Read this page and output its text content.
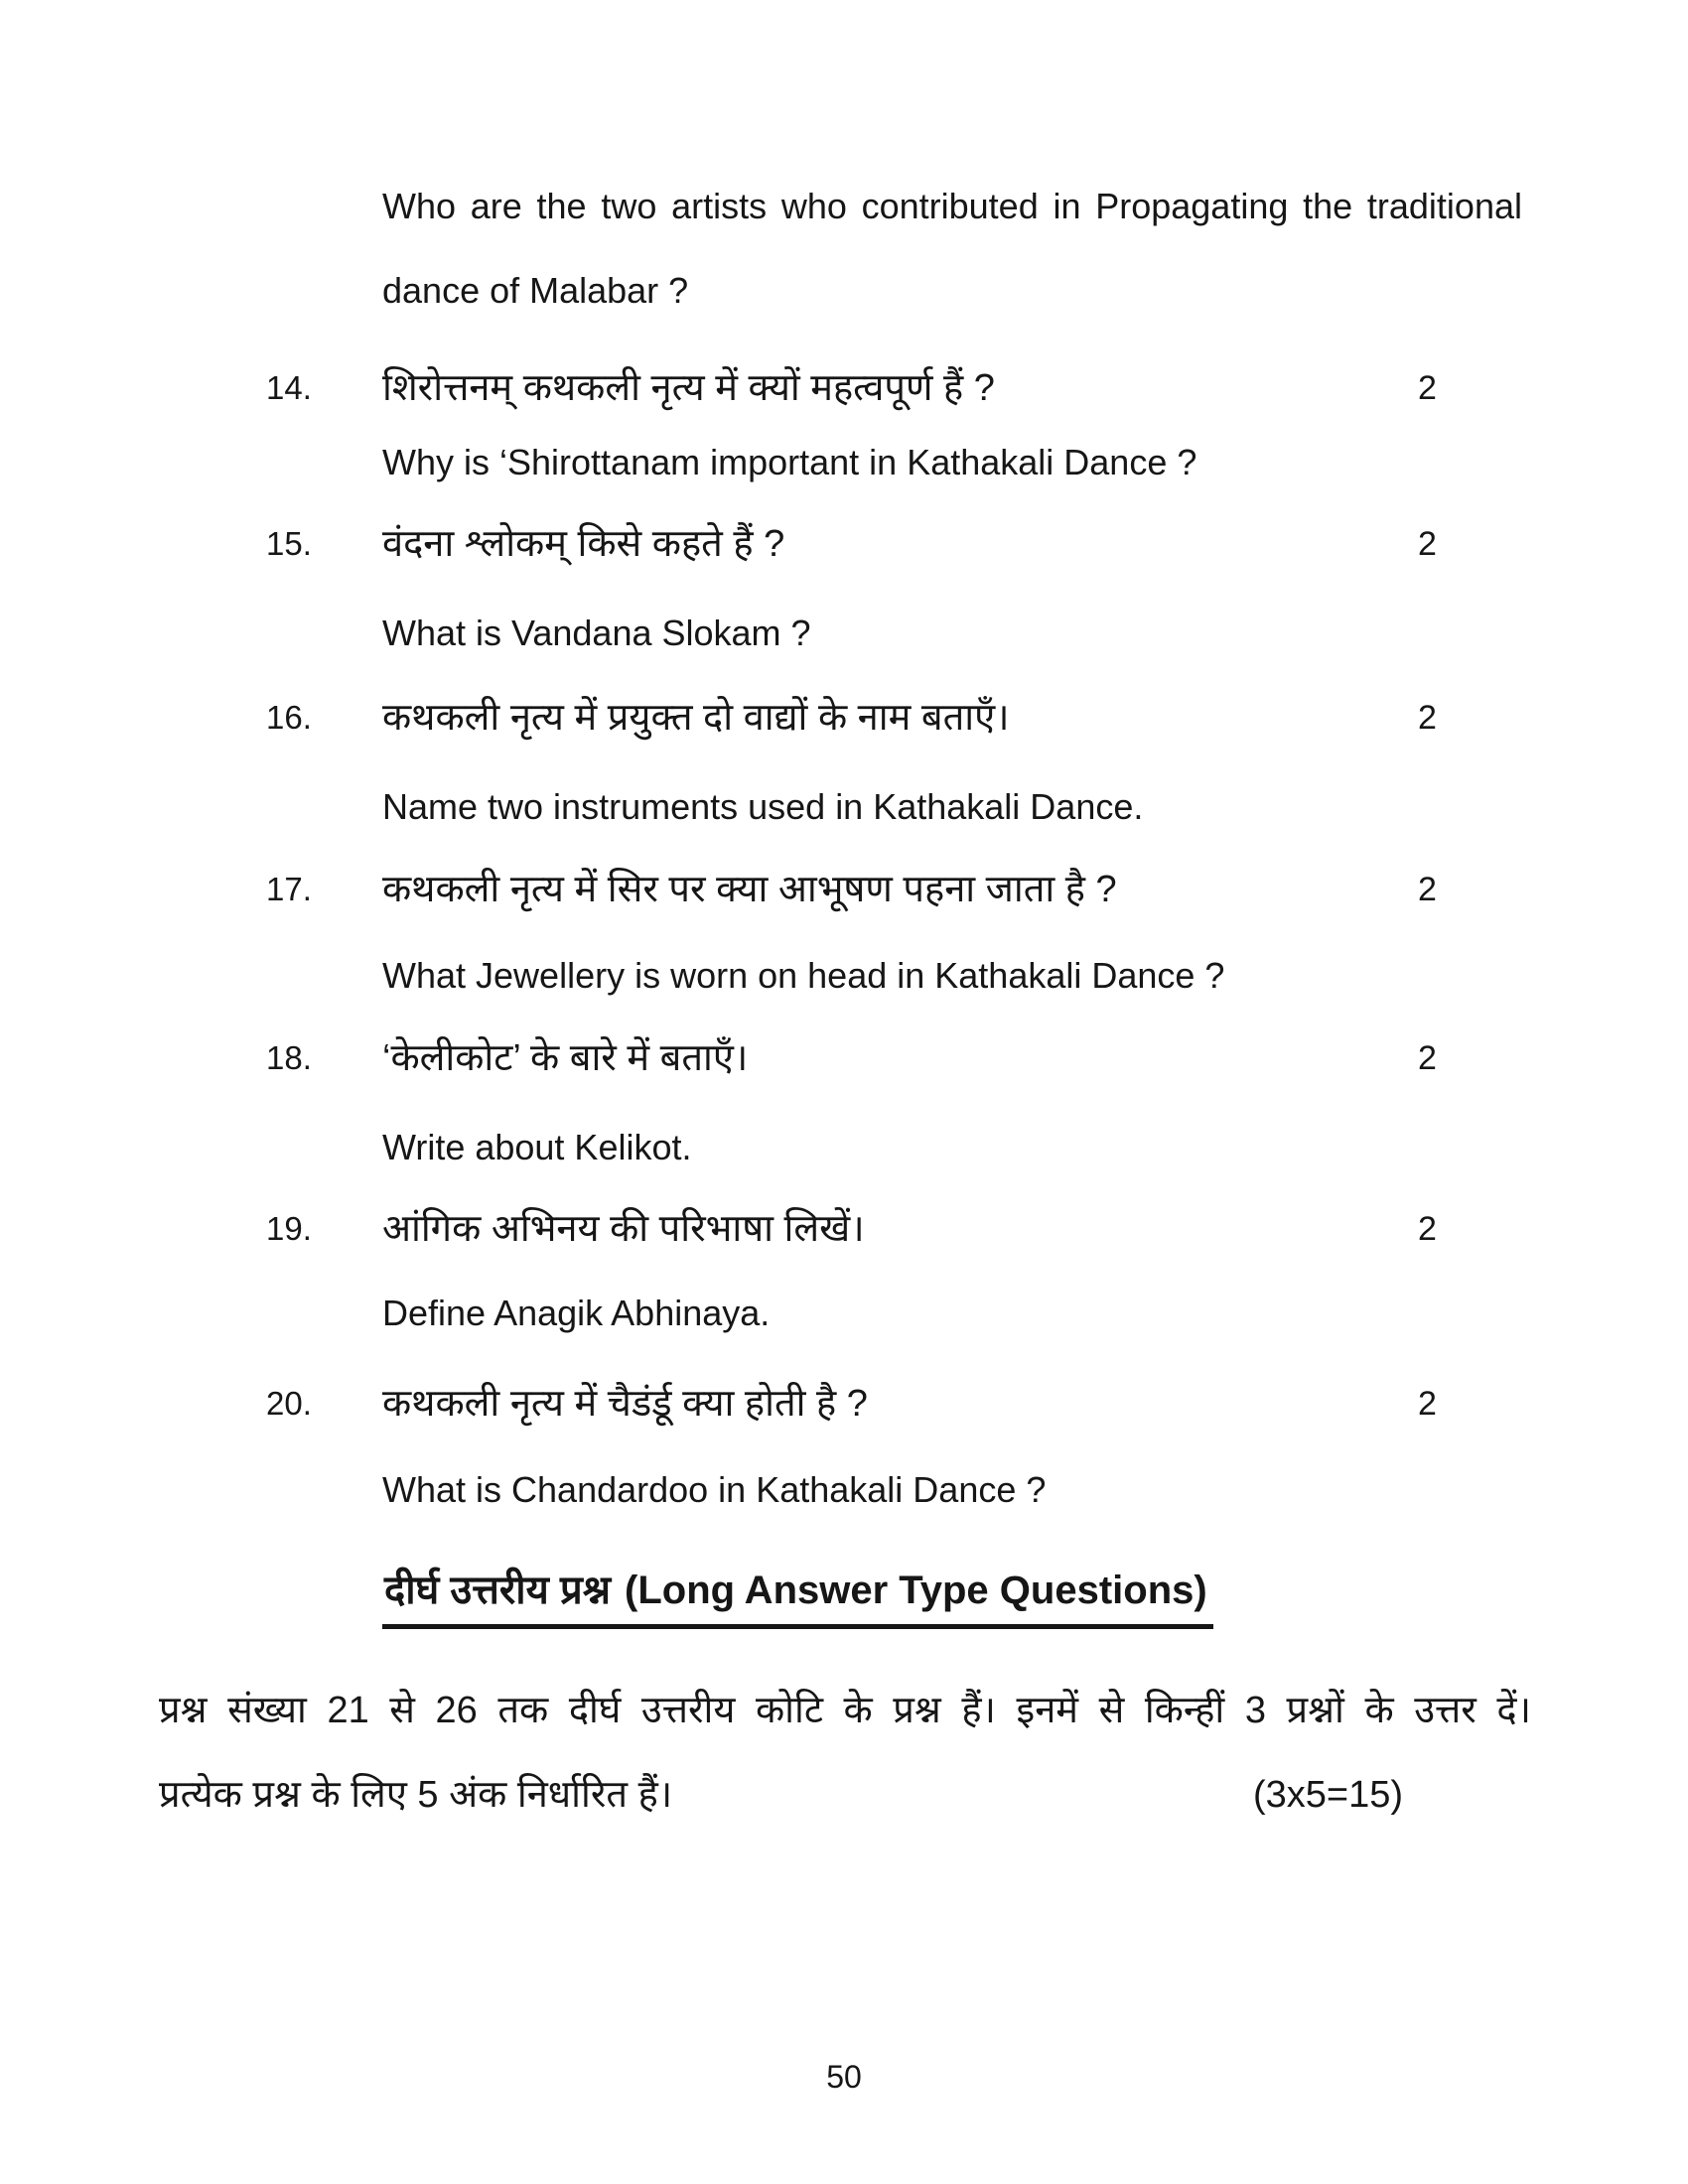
Who are the two artists who contributed in Propagating the traditional
dance of Malabar ?
14. शिरोत्तनम् कथकली नृत्य में क्यों महत्वपूर्ण हैं ?	2
Why is ‘Shirottanam important in Kathakali Dance ?
15. वंदना श्लोकम् किसे कहते हैं ?	2
What is Vandana Slokam ?
16. कथकली नृत्य में प्रयुक्त दो वाद्यों के नाम बताएँ।	2
Name two instruments used in Kathakali Dance.
17. कथकली नृत्य में सिर पर क्या आभूषण पहना जाता है ?	2
What Jewellery is worn on head in Kathakali Dance ?
18. ‘केलीकोट’ के बारे में बताएँ।	2
Write about Kelikot.
19. आंगिक अभिनय की परिभाषा लिखें।	2
Define Anagik Abhinaya.
20. कथकली नृत्य में चैडंर्डू क्या होती है ?	2
What is Chandardoo in Kathakali Dance ?
दीर्घ उत्तरीय प्रश्न (Long Answer Type Questions)
प्रश्न संख्या 21 से 26 तक दीर्घ उत्तरीय कोटि के प्रश्न हैं। इनमें से किन्हीं 3 प्रश्नों के उत्तर दें।
प्रत्येक प्रश्न के लिए 5 अंक निर्धारित हैं।	(3x5=15)
50
